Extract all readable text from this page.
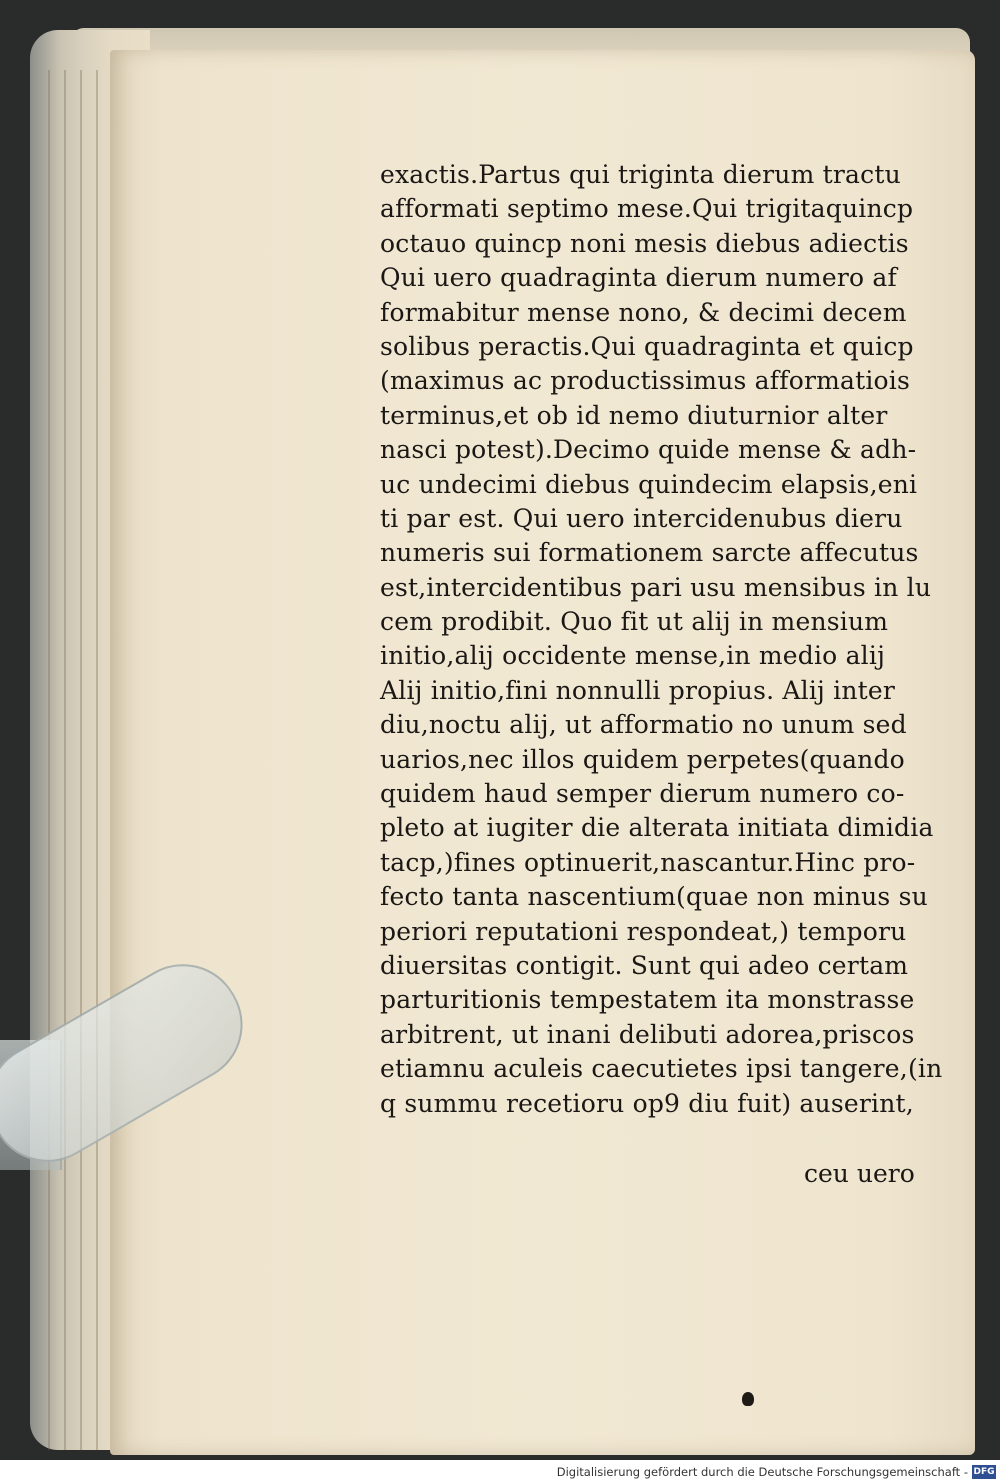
exactis.Partus qui triginta dierum tractu
afformati septimo mese.Qui trigitaquincp
octauo quincp noni mesis diebus adiectis
Qui uero quadraginta dierum numero af
formabitur mense nono, & decimi decem
solibus peractis.Qui quadraginta et quicp
(maximus ac productissimus afformatiois
terminus,et ob id nemo diuturnior alter
nasci potest).Decimo quide mense & adh-
uc undecimi diebus quindecim elapsis,eni
ti par est. Qui uero intercidenubus dieru
numeris sui formationem sarcte affecutus
est,intercidentibus pari usu mensibus in lu
cem prodibit. Quo fit ut alij in mensium
initio,alij occidente mense,in medio alij
Alij initio,fini nonnulli propius. Alij inter
diu,noctu alij, ut afformatio no unum sed
uarios,nec illos quidem perpetes(quando
quidem haud semper dierum numero co-
pleto at iugiter die alterata initiata dimidia
tacp,)fines optinuerit,nascantur.Hinc pro-
fecto tanta nascentium(quae non minus su
periori reputationi respondeat,) temporu
diuersitas contigit. Sunt qui adeo certam
parturitionis tempestatem ita monstrasse
arbitrent, ut inani delibuti adorea,priscos
etiamnu aculeis caecutietes ipsi tangere,(in
q summu recetioru op9 diu fuit) auserint,
ceu uero
Digitalisierung gefördert durch die Deutsche Forschungsgemeinschaft - DFG
